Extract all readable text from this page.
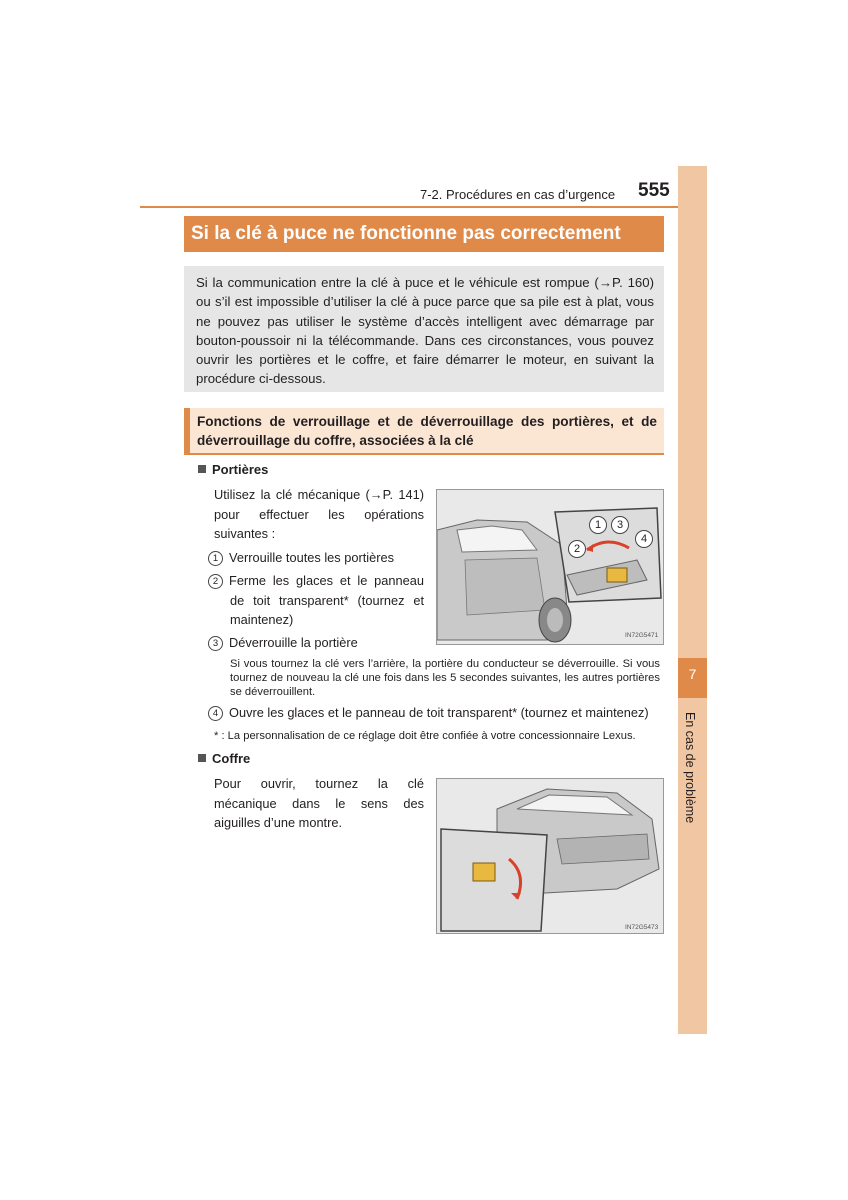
7-2. Procédures en cas d’urgence 555
7
En cas de problème
Si la clé à puce ne fonctionne pas correctement
Si la communication entre la clé à puce et le véhicule est rompue (→P. 160) ou s’il est impossible d’utiliser la clé à puce parce que sa pile est à plat, vous ne pouvez pas utiliser le système d’accès intelligent avec démarrage par bouton-poussoir ni la télécommande. Dans ces circonstances, vous pouvez ouvrir les portières et le coffre, et faire démarrer le moteur, en suivant la procédure ci-dessous.
Fonctions de verrouillage et de déverrouillage des portières, et de déverrouillage du coffre, associées à la clé
Portières
Utilisez la clé mécanique (→P. 141) pour effectuer les opérations suivantes :
1 Verrouille toutes les portières
2 Ferme les glaces et le panneau de toit transparent* (tournez et maintenez)
3 Déverrouille la portière
Si vous tournez la clé vers l’arrière, la portière du conducteur se déverrouille. Si vous tournez de nouveau la clé une fois dans les 5 secondes suivantes, les autres portières se déverrouillent.
4 Ouvre les glaces et le panneau de toit transparent* (tournez et maintenez)
* : La personnalisation de ce réglage doit être confiée à votre concessionnaire Lexus.
1	3
2
4
IN72G5471
Coffre
Pour ouvrir, tournez la clé mécanique dans le sens des aiguilles d’une montre.
IN72G5473
